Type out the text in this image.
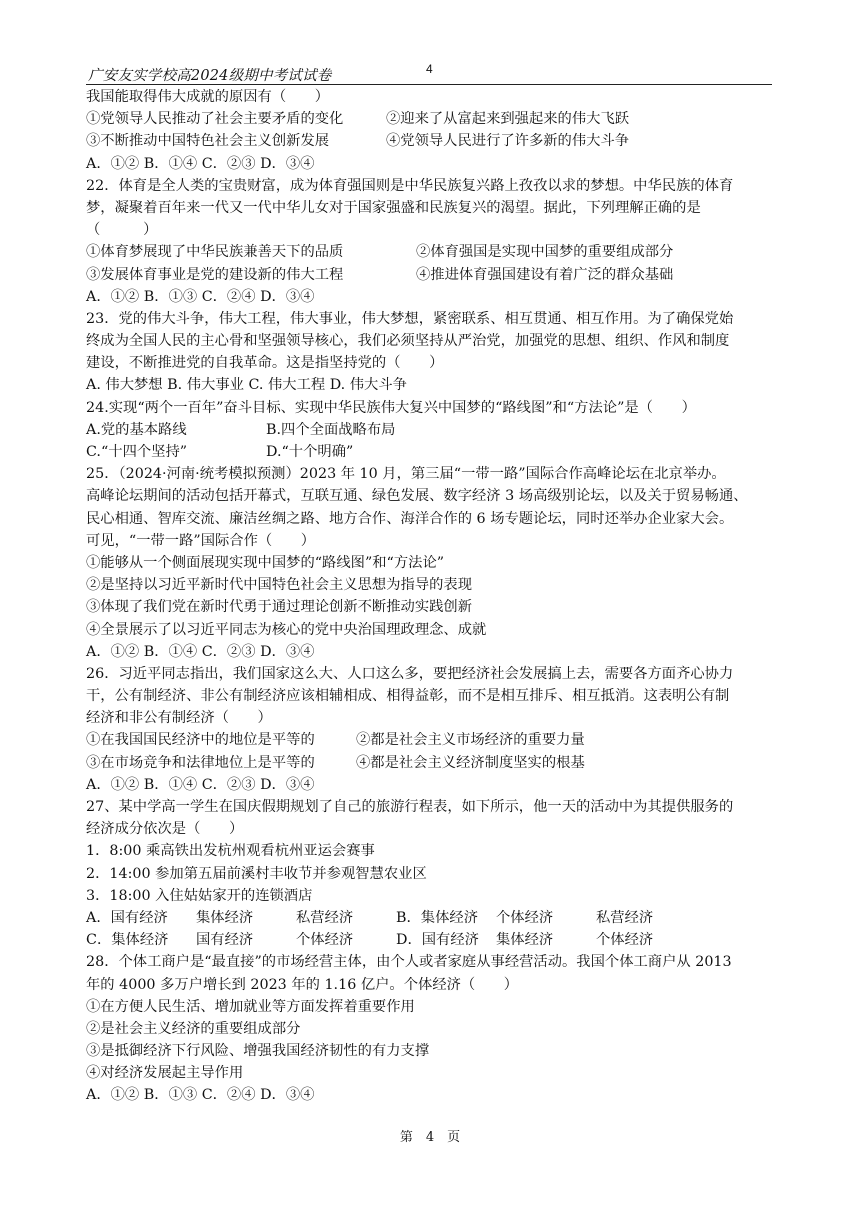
广安友实学校高2024级期中考试试卷	4
我国能取得伟大成就的原因有（　　）
①党领导人民推动了社会主要矛盾的变化	②迎来了从富起来到强起来的伟大飞跃
③不断推动中国特色社会主义创新发展	④党领导人民进行了许多新的伟大斗争
A．①② B．①④ C．②③ D．③④
22．体育是全人类的宝贵财富，成为体育强国则是中华民族复兴路上孜孜以求的梦想。中华民族的体育
梦，凝聚着百年来一代又一代中华儿女对于国家强盛和民族复兴的渴望。据此，下列理解正确的是
（　　　）
①体育梦展现了中华民族兼善天下的品质	②体育强国是实现中国梦的重要组成部分
③发展体育事业是党的建设新的伟大工程	④推进体育强国建设有着广泛的群众基础
A．①② B．①③ C．②④ D．③④
23．党的伟大斗争，伟大工程，伟大事业，伟大梦想，紧密联系、相互贯通、相互作用。为了确保党始
终成为全国人民的主心骨和坚强领导核心，我们必须坚持从严治党，加强党的思想、组织、作风和制度
建设，不断推进党的自我革命。这是指坚持党的（　　）
A. 伟大梦想 B. 伟大事业 C. 伟大工程 D. 伟大斗争
24.实现“两个一百年”奋斗目标、实现中华民族伟大复兴中国梦的“路线图”和“方法论”是（　　）
A.党的基本路线	B.四个全面战略布局
C.“十四个坚持”	D.“十个明确”
25．（2024·河南·统考模拟预测）2023 年 10 月，第三届“一带一路”国际合作高峰论坛在北京举办。
高峰论坛期间的活动包括开幕式，互联互通、绿色发展、数字经济 3 场高级别论坛，以及关于贸易畅通、
民心相通、智库交流、廉洁丝绸之路、地方合作、海洋合作的 6 场专题论坛，同时还举办企业家大会。
可见，“一带一路”国际合作（　　）
①能够从一个侧面展现实现中国梦的“路线图”和“方法论”
②是坚持以习近平新时代中国特色社会主义思想为指导的表现
③体现了我们党在新时代勇于通过理论创新不断推动实践创新
④全景展示了以习近平同志为核心的党中央治国理政理念、成就
A．①② B．①④ C．②③ D．③④
26．习近平同志指出，我们国家这么大、人口这么多，要把经济社会发展搞上去，需要各方面齐心协力
干，公有制经济、非公有制经济应该相辅相成、相得益彰，而不是相互排斥、相互抵消。这表明公有制
经济和非公有制经济（　　）
①在我国国民经济中的地位是平等的	②都是社会主义市场经济的重要力量
③在市场竞争和法律地位上是平等的	④都是社会主义经济制度坚实的根基
A．①② B．①④ C．②③ D．③④
27、某中学高一学生在国庆假期规划了自己的旅游行程表，如下所示，他一天的活动中为其提供服务的
经济成分依次是（　　）
1．8:00 乘高铁出发杭州观看杭州亚运会赛事
2．14:00 参加第五届前溪村丰收节并参观智慧农业区
3．18:00 入住姑姑家开的连锁酒店
A．国有经济 集体经济	私营经济	B．集体经济 个体经济	私营经济
C．集体经济 国有经济	个体经济	D．国有经济 集体经济	个体经济
28．个体工商户是“最直接”的市场经营主体，由个人或者家庭从事经营活动。我国个体工商户从 2013
年的 4000 多万户增长到 2023 年的 1.16 亿户。个体经济（　　）
①在方便人民生活、增加就业等方面发挥着重要作用
②是社会主义经济的重要组成部分
③是抵御经济下行风险、增强我国经济韧性的有力支撑
④对经济发展起主导作用
A．①② B．①③ C．②④ D．③④
第　4　页
